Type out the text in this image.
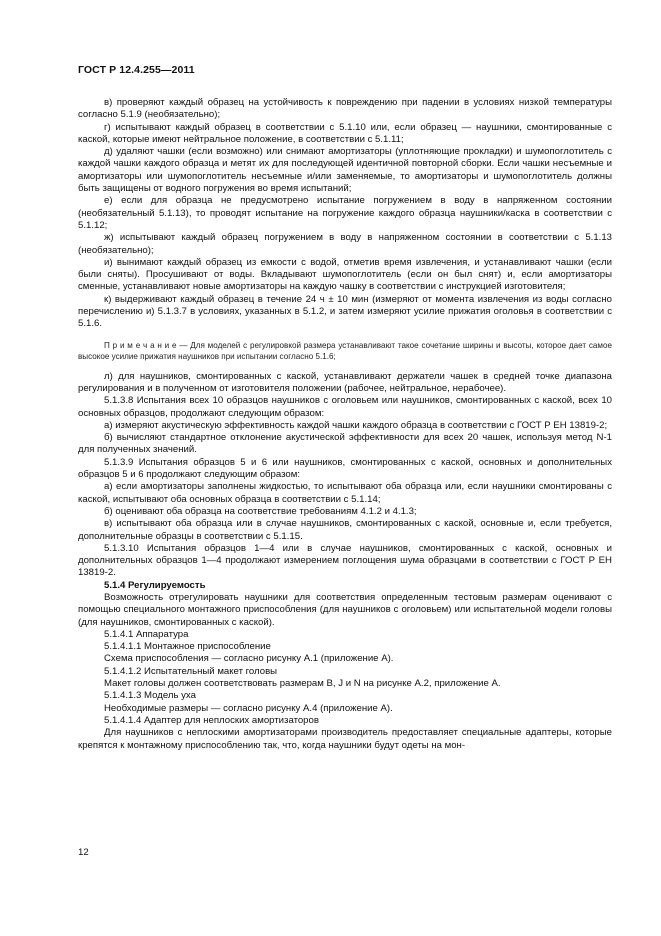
ГОСТ Р 12.4.255—2011

в) проверяют каждый образец на устойчивость к повреждению при падении в условиях низкой температуры согласно 5.1.9 (необязательно);

г) испытывают каждый образец в соответствии с 5.1.10 или, если образец — наушники, смонтированные с каской, которые имеют нейтральное положение, в соответствии с 5.1.11;

д) удаляют чашки (если возможно) или снимают амортизаторы (уплотняющие прокладки) и шумопоглотитель с каждой чашки каждого образца и метят их для последующей идентичной повторной сборки. Если чашки несъемные и амортизаторы или шумопоглотитель несъемные и/или заменяемые, то амортизаторы и шумопоглотитель должны быть защищены от водного погружения во время испытаний;

е) если для образца не предусмотрено испытание погружением в воду в напряженном состоянии (необязательный 5.1.13), то проводят испытание на погружение каждого образца наушники/каска в соответствии с 5.1.12;

ж) испытывают каждый образец погружением в воду в напряженном состоянии в соответствии с 5.1.13 (необязательно);

и) вынимают каждый образец из емкости с водой, отметив время извлечения, и устанавливают чашки (если были сняты). Просушивают от воды. Вкладывают шумопоглотитель (если он был снят) и, если амортизаторы сменные, устанавливают новые амортизаторы на каждую чашку в соответствии с инструкцией изготовителя;

к) выдерживают каждый образец в течение 24 ч ± 10 мин (измеряют от момента извлечения из воды согласно перечислению и) 5.1.3.7 в условиях, указанных в 5.1.2, и затем измеряют усилие прижатия оголовья в соответствии с 5.1.6.

П р и м е ч а н и е — Для моделей с регулировкой размера устанавливают такое сочетание ширины и высоты, которое дает самое высокое усилие прижатия наушников при испытании согласно 5.1.6;

л) для наушников, смонтированных с каской, устанавливают держатели чашек в средней точке диапазона регулирования и в полученном от изготовителя положении (рабочее, нейтральное, нерабочее).

5.1.3.8 Испытания всех 10 образцов наушников с оголовьем или наушников, смонтированных с каской, всех 10 основных образцов, продолжают следующим образом:

а) измеряют акустическую эффективность каждой чашки каждого образца в соответствии с ГОСТ Р ЕН 13819-2;

б) вычисляют стандартное отклонение акустической эффективности для всех 20 чашек, используя метод N-1 для полученных значений.

5.1.3.9 Испытания образцов 5 и 6 или наушников, смонтированных с каской, основных и дополнительных образцов 5 и 6 продолжают следующим образом:

а) если амортизаторы заполнены жидкостью, то испытывают оба образца или, если наушники смонтированы с каской, испытывают оба основных образца в соответствии с 5.1.14;

б) оценивают оба образца на соответствие требованиям 4.1.2 и 4.1.3;

в) испытывают оба образца или в случае наушников, смонтированных с каской, основные и, если требуется, дополнительные образцы в соответствии с 5.1.15.

5.1.3.10 Испытания образцов 1—4 или в случае наушников, смонтированных с каской, основных и дополнительных образцов 1—4 продолжают измерением поглощения шума образцами в соответствии с ГОСТ Р ЕН 13819-2.

5.1.4 Регулируемость

Возможность отрегулировать наушники для соответствия определенным тестовым размерам оценивают с помощью специального монтажного приспособления (для наушников с оголовьем) или испытательной модели головы (для наушников, смонтированных с каской).

5.1.4.1 Аппаратура

5.1.4.1.1 Монтажное приспособление

Схема приспособления — согласно рисунку А.1 (приложение А).

5.1.4.1.2 Испытательный макет головы

Макет головы должен соответствовать размерам B, J и N на рисунке А.2, приложение А.

5.1.4.1.3 Модель уха

Необходимые размеры — согласно рисунку А.4 (приложение А).

5.1.4.1.4 Адаптер для неплоских амортизаторов

Для наушников с неплоскими амортизаторами производитель предоставляет специальные адаптеры, которые крепятся к монтажному приспособлению так, что, когда наушники будут одеты на мон-

12
